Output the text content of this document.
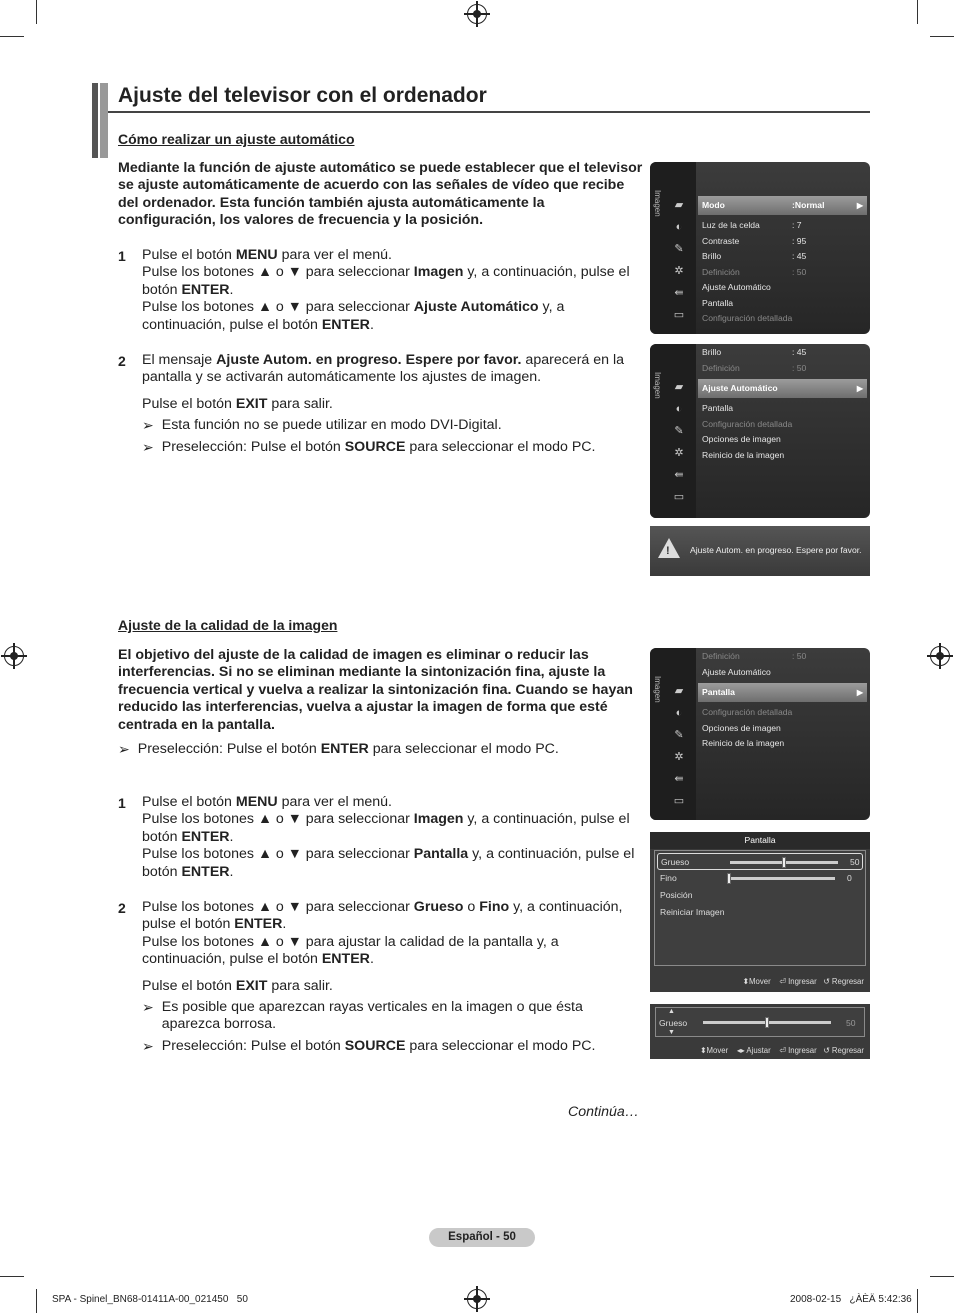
Ajuste del televisor con el ordenador
Cómo realizar un ajuste automático
Mediante la función de ajuste automático se puede establecer que el televisor se ajuste automáticamente de acuerdo con las señales de vídeo que recibe del ordenador. Esta función también ajusta automáticamente la configuración, los valores de frecuencia y la posición.
1 Pulse el botón MENU para ver el menú.
Pulse los botones ▲ o ▼ para seleccionar Imagen y, a continuación, pulse el botón ENTER.
Pulse los botones ▲ o ▼ para seleccionar Ajuste Automático y, a continuación, pulse el botón ENTER.
2 El mensaje Ajuste Autom. en progreso. Espere por favor. aparecerá en la pantalla y se activarán automáticamente los ajustes de imagen.
Pulse el botón EXIT para salir.
➢ Esta función no se puede utilizar en modo DVI-Digital.
➢ Preselección: Pulse el botón SOURCE para seleccionar el modo PC.
Imagen ▰
◐
✎
✲
⇚
▭
Modo	:Normal	▶
Luz de la celda	: 7
Contraste	: 95
Brillo	: 45
Definición	: 50
Ajuste Automático
Pantalla
Configuración detallada
Imagen ▰
◐
✎
✲
⇚
▭
Brillo	: 45
Definición	: 50
Ajuste Automático	▶
Pantalla
Configuración detallada
Opciones de imagen
Reinicio de la imagen
! Ajuste Autom. en progreso. Espere por favor.
Ajuste de la calidad de la imagen
El objetivo del ajuste de la calidad de imagen es eliminar o reducir las interferencias. Si no se eliminan mediante la sintonización fina, ajuste la frecuencia vertical y vuelva a realizar la sintonización fina. Cuando se hayan reducido las interferencias, vuelva a ajustar la imagen de forma que esté centrada en la pantalla.
➢ Preselección: Pulse el botón ENTER para seleccionar el modo PC.
1 Pulse el botón MENU para ver el menú.
Pulse los botones ▲ o ▼ para seleccionar Imagen y, a continuación, pulse el botón ENTER.
Pulse los botones ▲ o ▼ para seleccionar Pantalla y, a continuación, pulse el botón ENTER.
2 Pulse los botones ▲ o ▼ para seleccionar Grueso o Fino y, a continuación, pulse el botón ENTER.
Pulse los botones ▲ o ▼ para ajustar la calidad de la pantalla y, a continuación, pulse el botón ENTER.
Pulse el botón EXIT para salir.
➢ Es posible que aparezcan rayas verticales en la imagen o que ésta aparezca borrosa.
➢ Preselección: Pulse el botón SOURCE para seleccionar el modo PC.
Continúa…
Imagen ▰
◐
✎
✲
⇚
▭
Definición	: 50
Ajuste Automático
Pantalla	▶
Configuración detallada
Opciones de imagen
Reinicio de la imagen
Pantalla
Grueso	50
Fino	0
Posición
Reiniciar Imagen
⬍Mover ⏎ Ingresar ↺ Regresar
▲
Grueso
▼
50
⬍Mover ◂▸ Ajustar ⏎ Ingresar ↺ Regresar
Español - 50
SPA - Spinel_BN68-01411A-00_021450   50	2008-02-15   ¿ÀÈÄ 5:42:36
